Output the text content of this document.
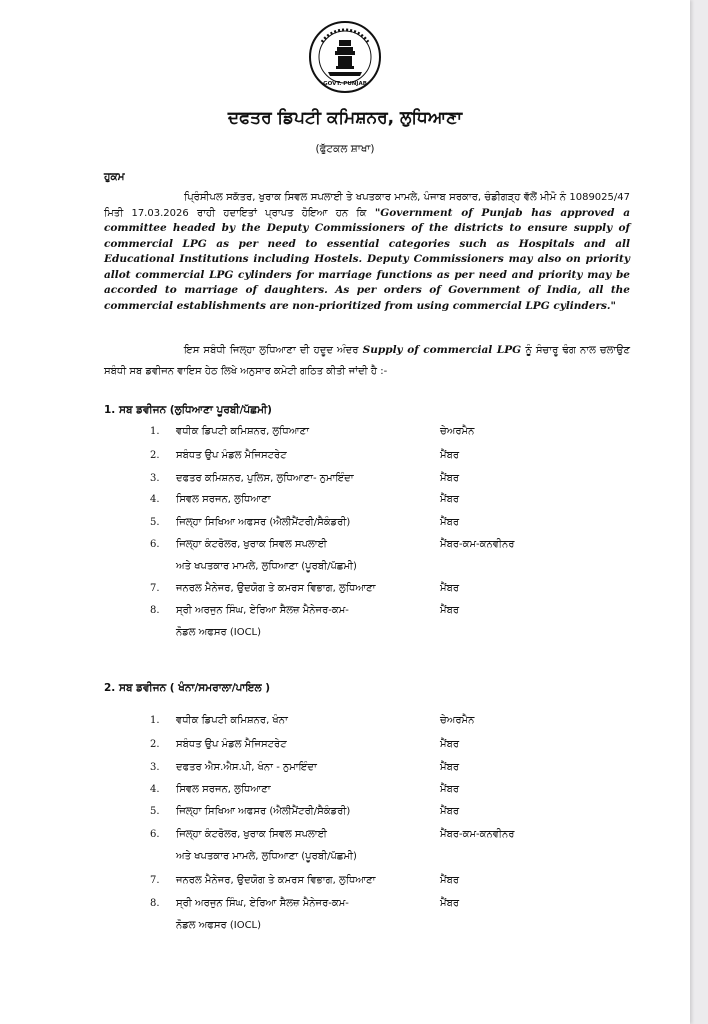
GOVT. PUNJAB
ਦਫਤਰ ਡਿਪਟੀ ਕਮਿਸ਼ਨਰ, ਲੁਧਿਆਣਾ
(ਫੁੱਟਕਲ ਸ਼ਾਖਾ)
ਹੁਕਮ
ਪ੍ਰਿੰਸੀਪਲ ਸਕੱਤਰ, ਖੁਰਾਕ ਸਿਵਲ ਸਪਲਾਈ ਤੇ ਖਪਤਕਾਰ ਮਾਮਲੇ, ਪੰਜਾਬ ਸਰਕਾਰ, ਚੰਡੀਗੜ੍ਹ ਵੱਲੋਂ ਮੀਮੋ ਨੰ 1089025/47 ਮਿਤੀ 17.03.2026 ਰਾਹੀ ਹਦਾਇਤਾਂ ਪ੍ਰਾਪਤ ਹੋਇਆ ਹਨ ਕਿ "Government of Punjab has approved a committee headed by the Deputy Commissioners of the districts to ensure supply of commercial LPG as per need to essential categories such as Hospitals and all Educational Institutions including Hostels. Deputy Commissioners may also on priority allot commercial LPG cylinders for marriage functions as per need and priority may be accorded to marriage of daughters. As per orders of Government of India, all the commercial establishments are non-prioritized from using commercial LPG cylinders."
ਇਸ ਸਬੰਧੀ ਜਿਲ੍ਹਾ ਲੁਧਿਆਣਾ ਦੀ ਹਦੂਦ ਅੰਦਰ Supply of commercial LPG ਨੂੰ ਸੰਚਾਰੂ ਢੰਗ ਨਾਲ ਚਲਾਉਣ ਸਬੰਧੀ ਸਬ ਡਵੀਜਨ ਵਾਇਸ ਹੇਠ ਲਿਖੇ ਅਨੁਸਾਰ ਕਮੇਟੀ ਗਠਿਤ ਕੀਤੀ ਜਾਂਦੀ ਹੈ :-
1. ਸਬ ਡਵੀਜਨ (ਲੁਧਿਆਣਾ ਪੂਰਬੀ/ਪੱਛਮੀ)
1.	ਵਧੀਕ ਡਿਪਟੀ ਕਮਿਸ਼ਨਰ, ਲੁਧਿਆਣਾ	ਚੇਅਰਮੈਨ
2.	ਸਬੰਧਤ ਉਪ ਮੰਡਲ ਮੈਜਿਸਟਰੇਟ	ਮੈਂਬਰ
3.	ਦਫਤਰ ਕਮਿਸ਼ਨਰ, ਪੁਲਿਸ, ਲੁਧਿਆਣਾ- ਨੁਮਾਇੰਦਾ	ਮੈਂਬਰ
4.	ਸਿਵਲ ਸਰਜਨ, ਲੁਧਿਆਣਾ	ਮੈਂਬਰ
5.	ਜਿਲ੍ਹਾ ਸਿਖਿਆ ਅਫਸਰ (ਐਲੀਮੈਂਟਰੀ/ਸੈਕੰਡਰੀ)	ਮੈਂਬਰ
6.	ਜਿਲ੍ਹਾ ਕੰਟਰੋਲਰ, ਖੁਰਾਕ ਸਿਵਲ ਸਪਲਾਈ	ਮੈਂਬਰ-ਕਮ-ਕਨਵੀਨਰ
ਅਤੇ ਖਪਤਕਾਰ ਮਾਮਲੇ, ਲੁਧਿਆਣਾ (ਪੂਰਬੀ/ਪੱਛਮੀ)
7.	ਜਨਰਲ ਮੈਨੇਜਰ, ਉਦਯੋਗ ਤੇ ਕਮਰਸ ਵਿਭਾਗ, ਲੁਧਿਆਣਾ	ਮੈਂਬਰ
8.	ਸ੍ਰੀ ਅਰਜੁਨ ਸਿੰਘ, ਏਰਿਆ ਸੈਲਜ਼ ਮੈਨੇਜਰ-ਕਮ-	ਮੈਂਬਰ
ਨੋਡਲ ਅਫਸਰ (IOCL)
2. ਸਬ ਡਵੀਜਨ ( ਖੰਨਾ/ਸਮਰਾਲਾ/ਪਾਇਲ )
1.	ਵਧੀਕ ਡਿਪਟੀ ਕਮਿਸ਼ਨਰ, ਖੰਨਾ	ਚੇਅਰਮੈਨ
2.	ਸਬੰਧਤ ਉਪ ਮੰਡਲ ਮੈਜਿਸਟਰੇਟ	ਮੈਂਬਰ
3.	ਦਫਤਰ ਐਸ.ਐਸ.ਪੀ, ਖੰਨਾ - ਨੁਮਾਇੰਦਾ	ਮੈਂਬਰ
4.	ਸਿਵਲ ਸਰਜਨ, ਲੁਧਿਆਣਾ	ਮੈਂਬਰ
5.	ਜਿਲ੍ਹਾ ਸਿਖਿਆ ਅਫਸਰ (ਐਲੀਮੈਂਟਰੀ/ਸੈਕੰਡਰੀ)	ਮੈਂਬਰ
6.	ਜਿਲ੍ਹਾ ਕੰਟਰੋਲਰ, ਖੁਰਾਕ ਸਿਵਲ ਸਪਲਾਈ	ਮੈਂਬਰ-ਕਮ-ਕਨਵੀਨਰ
ਅਤੇ ਖਪਤਕਾਰ ਮਾਮਲੇ, ਲੁਧਿਆਣਾ (ਪੂਰਬੀ/ਪੱਛਮੀ)
7.	ਜਨਰਲ ਮੈਨੇਜਰ, ਉਦਯੋਗ ਤੇ ਕਮਰਸ ਵਿਭਾਗ, ਲੁਧਿਆਣਾ	ਮੈਂਬਰ
8.	ਸ੍ਰੀ ਅਰਜੁਨ ਸਿੰਘ, ਏਰਿਆ ਸੈਲਜ਼ ਮੈਨੇਜਰ-ਕਮ-	ਮੈਂਬਰ
ਨੋਡਲ ਅਫਸਰ (IOCL)
